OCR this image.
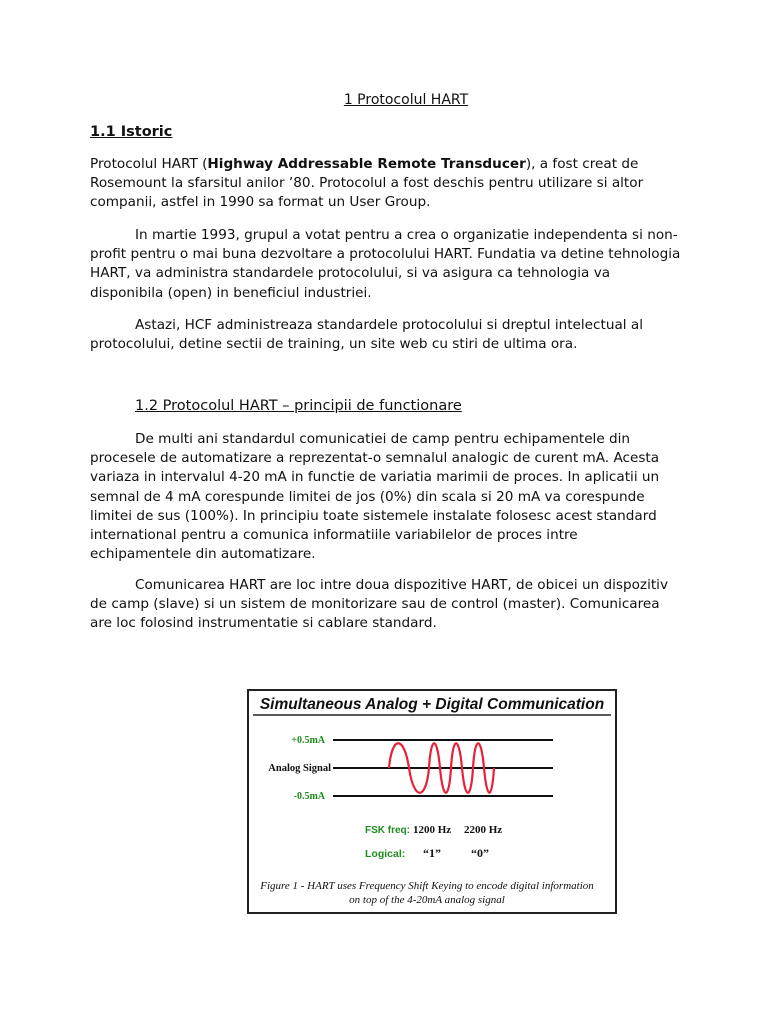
1 Protocolul HART
1.1 Istoric

Protocolul HART (Highway Addressable Remote Transducer), a fost creat de Rosemount la sfarsitul anilor ’80. Protocolul a fost deschis pentru utilizare si altor companii, astfel in 1990 sa format un User Group.

In martie 1993, grupul a votat pentru a crea o organizatie independenta si non-profit pentru o mai buna dezvoltare a protocolului HART. Fundatia va detine tehnologia HART, va administra standardele protocolului, si va asigura ca tehnologia va disponibila (open) in beneficiul industriei.

Astazi, HCF administreaza standardele protocolului si dreptul intelectual al protocolului, detine sectii de training, un site web cu stiri de ultima ora.

1.2 Protocolul HART – principii de functionare

De multi ani standardul comunicatiei de camp pentru echipamentele din procesele de automatizare a reprezentat-o semnalul analogic de curent mA. Acesta variaza in intervalul 4-20 mA in functie de variatia marimii de proces. In aplicatii un semnal de 4 mA corespunde limitei de jos (0%) din scala si 20 mA va corespunde limitei de sus (100%). In principiu toate sistemele instalate folosesc acest standard international pentru a comunica informatiile variabilelor de proces intre echipamentele din automatizare.

Comunicarea HART are loc intre doua dispozitive HART, de obicei un dispozitiv de camp (slave) si un sistem de monitorizare sau de control (master). Comunicarea are loc folosind instrumentatie si cablare standard.

Simultaneous Analog + Digital Communication
+0.5mA
Analog Signal
-0.5mA
FSK freq: 1200 Hz 2200 Hz
Logical: “1”	“0”
Figure 1 - HART uses Frequency Shift Keying to encode digital information
on top of the 4-20mA analog signal
